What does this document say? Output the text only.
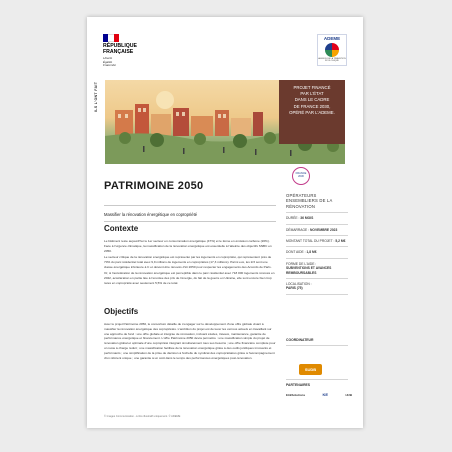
RÉPUBLIQUE
FRANÇAISE
Liberté
Égalité
Fraternité
ADEME
AGENCE DE LA TRANSITION ÉCOLOGIQUE
ILS L'ONT FAIT	PROJET FINANCÉ
PAR L'ÉTAT
DANS LE CADRE
DE FRANCE 2030,
OPÉRÉ PAR L'ADEME.
FRANCE 2030
PATRIMOINE 2050
Massifier la rénovation énergétique en copropriété
Contexte

Le bâtiment reste aujourd'hui le 1er secteur en consommation énergétique (47%) et le 2ème en émission carbone (20%). Face à l'urgence climatique, la massification de la rénovation énergétique est essentielle à l'atteinte des objectifs SNBC en 2050.

Le secteur critique de la rénovation énergétique est représenté par les logements en copropriété, qui représentent près de 70% du parc résidentiel total avec 9,9 millions de logements en copropriétés (17,3 millions). Parmi eux, les 2/3 sont une classe énergétique inférieure à C et doivent être rénovés d'ici 2050 pour respecter les engagements des Accords de Paris.

Or, si l'accélération de la rénovation énergétique est perceptible dans le parc résidentiel avec 718 000 logements rénovés en 2022, accélération en partie liée à l'envolée des prix de l'énergie, du fait de la guerre en Ukraine, elle sont encore bien trop rares en copropriété avec seulement 5,5% de ce total.

Objectifs

Avec le projet Patrimoine 2050, le consortium détaille de s'engager sur le développement d'une offre globale visant à massifier la rénovation énergétique des copropriétés. L'ambition du projet est de lever les verrous actuels en travaillant sur une approche de fond : une offre globale et intégrée de rénovation, incluant études, travaux, maintenance, garantie de performance énergétique et financement. L'offre Patrimoine 2050 devra permettre : une massification simple du projet de rénovation global et optimale d'une copropriété intégrant simultanément tous ses besoins ; une offre financière complète pour un reste à charge réduit ; une massification facilitée de la rénovation énergétique grâce à des outils juridiques innovants et performants ; une simplification de la prise de décision à l'échelle du syndicat des copropriétaires grâce à l'accompagnement d'un référent unique ; une garantie à un coût dans le temps des performances énergétiques post-rénovation.

© Images Communication - à titre illustratif uniquement. © ADEME
OPÉRATEURS
ENSEMBLIERS DE LA
RÉNOVATION
DURÉE : 36 MOIS
DÉMARRAGE : NOVEMBRE 2023
MONTANT TOTAL DU PROJET : 5,2 M€
DONT AIDE : 1,8 M€
FORME DE L'AIDE :
SUBVENTIONS ET AVANCES REMBOURSABLES
LOCALISATION :
PARIS (75)
COORDINATEUR
SUDB
PARTENAIRES
EtikSolutions	KE	HUB
